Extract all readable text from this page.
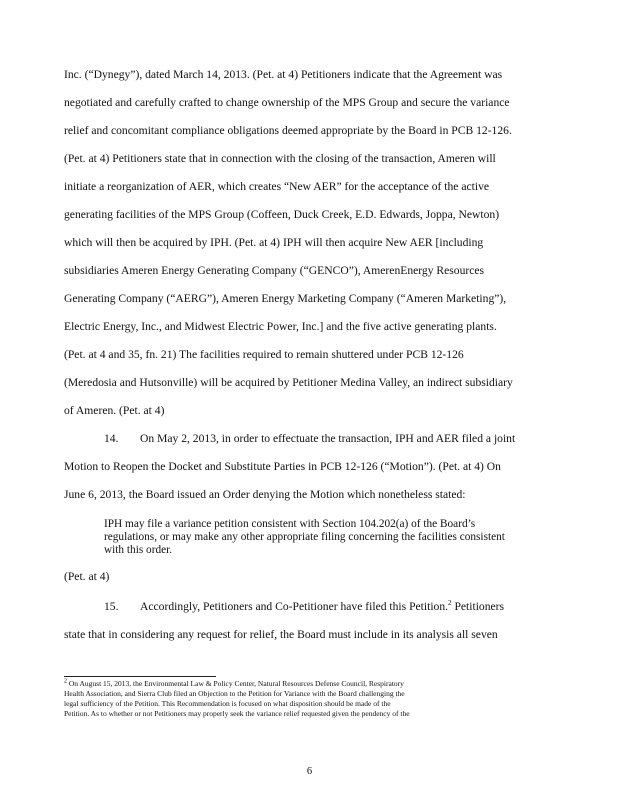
Inc. (“Dynegy”), dated March 14, 2013. (Pet. at 4) Petitioners indicate that the Agreement was
negotiated and carefully crafted to change ownership of the MPS Group and secure the variance
relief and concomitant compliance obligations deemed appropriate by the Board in PCB 12-126.
(Pet. at 4) Petitioners state that in connection with the closing of the transaction, Ameren will
initiate a reorganization of AER, which creates “New AER” for the acceptance of the active
generating facilities of the MPS Group (Coffeen, Duck Creek, E.D. Edwards, Joppa, Newton)
which will then be acquired by IPH. (Pet. at 4) IPH will then acquire New AER [including
subsidiaries Ameren Energy Generating Company (“GENCO”), AmerenEnergy Resources
Generating Company (“AERG”), Ameren Energy Marketing Company (“Ameren Marketing”),
Electric Energy, Inc., and Midwest Electric Power, Inc.] and the five active generating plants.
(Pet. at 4 and 35, fn. 21) The facilities required to remain shuttered under PCB 12-126
(Meredosia and Hutsonville) will be acquired by Petitioner Medina Valley, an indirect subsidiary
of Ameren. (Pet. at 4)
14. On May 2, 2013, in order to effectuate the transaction, IPH and AER filed a joint
Motion to Reopen the Docket and Substitute Parties in PCB 12-126 (“Motion”). (Pet. at 4) On
June 6, 2013, the Board issued an Order denying the Motion which nonetheless stated:
IPH may file a variance petition consistent with Section 104.202(a) of the Board’s
regulations, or may make any other appropriate filing concerning the facilities consistent
with this order.
(Pet. at 4)
15. Accordingly, Petitioners and Co-Petitioner have filed this Petition.$^2$ Petitioners
state that in considering any request for relief, the Board must include in its analysis all seven
$^2$ On August 15, 2013, the Environmental Law & Policy Center, Natural Resources Defense Council, Respiratory
Health Association, and Sierra Club filed an Objection to the Petition for Variance with the Board challenging the
legal sufficiency of the Petition. This Recommendation is focused on what disposition should be made of the
Petition. As to whether or not Petitioners may properly seek the variance relief requested given the pendency of the
6
